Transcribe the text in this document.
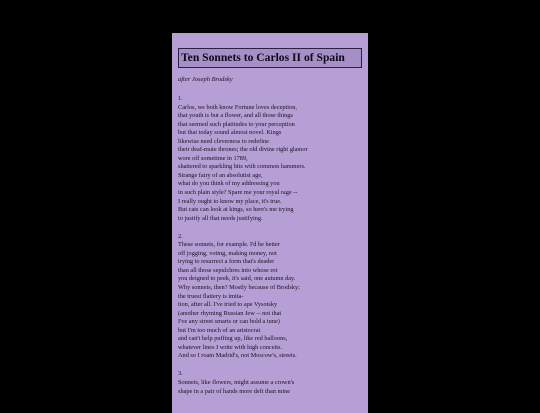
Ten Sonnets to Carlos II of Spain
after Joseph Brodsky
1.
Carlos, we both know Fortune loves deception,
that youth is but a flower, and all those things
that seemed such platitudes to your perception
but that today sound almost novel. Kings
likewise need cleverness to redefine
their deaf-mute thrones; the old divine right glamor
wore off sometime in 1789,
shattered to sparkling bits with common hammers.
Strange fairy of an absolutist age,
what do you think of my addressing you
in such plain style? Spare me your royal rage --
I really ought to know my place, it's true.
But cats can look at kings, so here's me trying
to justify all that needs justifying.
2.
These sonnets, for example. I'd be better
off jogging, voting, making money, not
trying to resurrect a form that's deader
than all those sepulchres into whose rot
you deigned to peek, it's said, one autumn day.
Why sonnets, then? Mostly because of Brodsky;
the truest flattery is imita-
tion, after all. I've tried to ape Vysotsky
(another rhyming Russian Jew -- not that
I've any street smarts or can hold a tune)
but I'm too much of an aristocrat
and can't help puffing up, like red balloons,
whatever lines I write with high conceits.
And so I roam Madrid's, not Moscow's, streets.
3.
Sonnets, like flowers, might assume a crown's
shape in a pair of hands more deft than mine
